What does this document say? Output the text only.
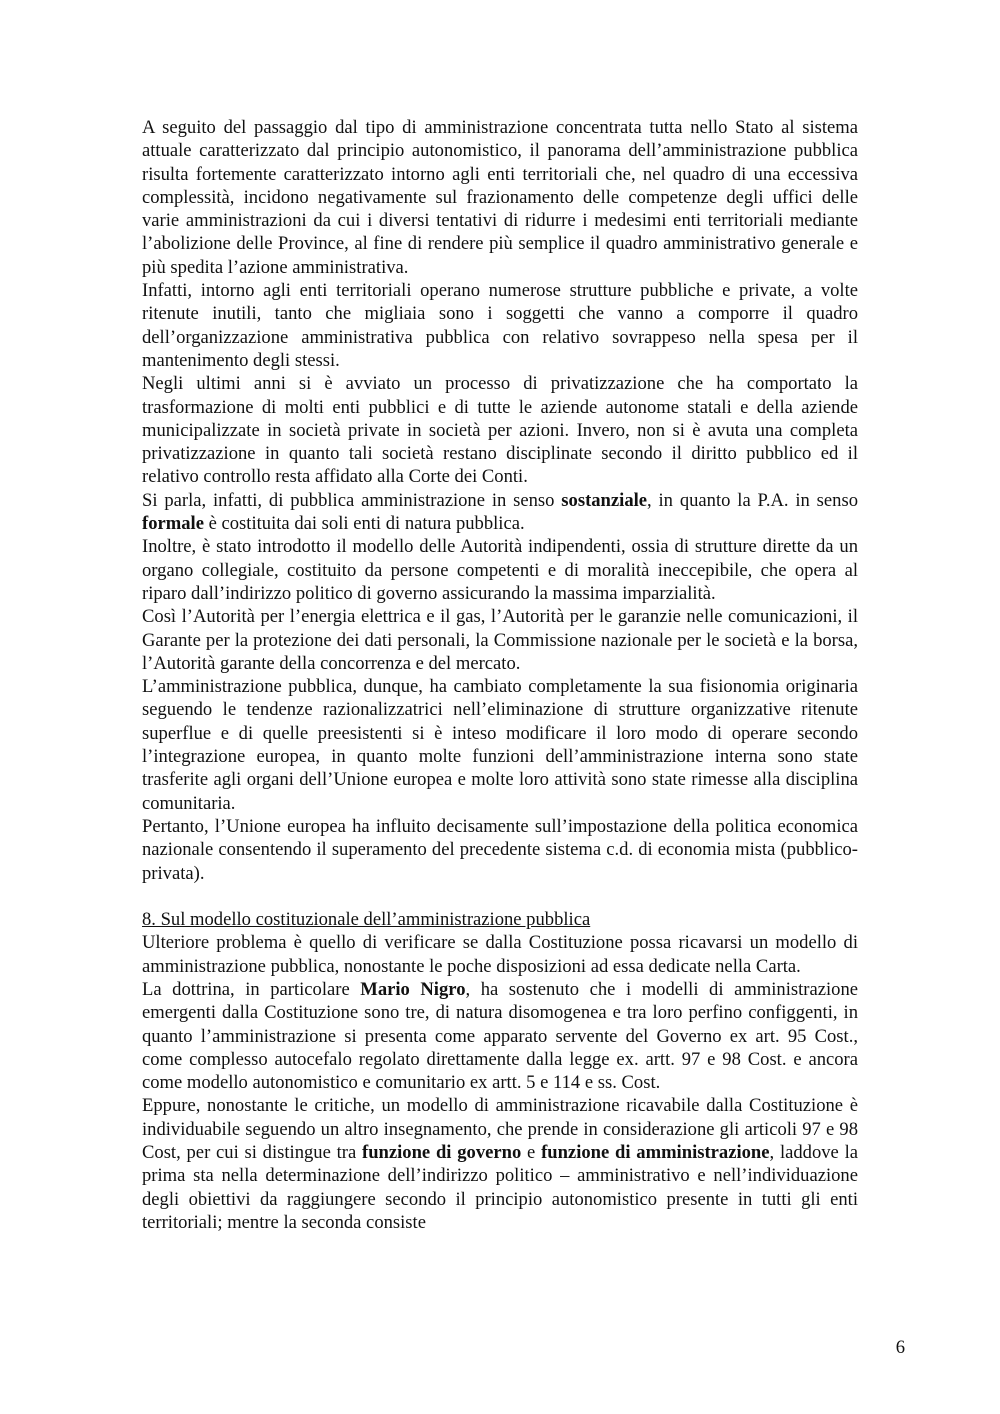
A seguito del passaggio dal tipo di amministrazione concentrata tutta nello Stato al sistema attuale caratterizzato dal principio autonomistico, il panorama dell’amministrazione pubblica risulta fortemente caratterizzato intorno agli enti territoriali che, nel quadro di una eccessiva complessità, incidono negativamente sul frazionamento delle competenze degli uffici delle varie amministrazioni da cui i diversi tentativi di ridurre i medesimi enti territoriali mediante l’abolizione delle Province, al fine di rendere più semplice il quadro amministrativo generale e più spedita l’azione amministrativa.

Infatti, intorno agli enti territoriali operano numerose strutture pubbliche e private, a volte ritenute inutili, tanto che migliaia sono i soggetti che vanno a comporre il quadro dell’organizzazione amministrativa pubblica con relativo sovrappeso nella spesa per il mantenimento degli stessi.

Negli ultimi anni si è avviato un processo di privatizzazione che ha comportato la trasformazione di molti enti pubblici e di tutte le aziende autonome statali e della aziende municipalizzate in società private in società per azioni. Invero, non si è avuta una completa privatizzazione in quanto tali società restano disciplinate secondo il diritto pubblico ed il relativo controllo resta affidato alla Corte dei Conti.

Si parla, infatti, di pubblica amministrazione in senso sostanziale, in quanto la P.A. in senso formale è costituita dai soli enti di natura pubblica.

Inoltre, è stato introdotto il modello delle Autorità indipendenti, ossia di strutture dirette da un organo collegiale, costituito da persone competenti e di moralità ineccepibile, che opera al riparo dall’indirizzo politico di governo assicurando la massima imparzialità.

Così l’Autorità per l’energia elettrica e il gas, l’Autorità per le garanzie nelle comunicazioni, il Garante per la protezione dei dati personali, la Commissione nazionale per le società e la borsa, l’Autorità garante della concorrenza e del mercato.

L’amministrazione pubblica, dunque, ha cambiato completamente la sua fisionomia originaria seguendo le tendenze razionalizzatrici nell’eliminazione di strutture organizzative ritenute superflue e di quelle preesistenti si è inteso modificare il loro modo di operare secondo l’integrazione europea, in quanto molte funzioni dell’amministrazione interna sono state trasferite agli organi dell’Unione europea e molte loro attività sono state rimesse alla disciplina comunitaria.

Pertanto, l’Unione europea ha influito decisamente sull’impostazione della politica economica nazionale consentendo il superamento del precedente sistema c.d. di economia mista (pubblico- privata).

8. Sul modello costituzionale dell’amministrazione pubblica

Ulteriore problema è quello di verificare se dalla Costituzione possa ricavarsi un modello di amministrazione pubblica, nonostante le poche disposizioni ad essa dedicate nella Carta.

La dottrina, in particolare Mario Nigro, ha sostenuto che i modelli di amministrazione emergenti dalla Costituzione sono tre, di natura disomogenea e tra loro perfino configgenti, in quanto l’amministrazione si presenta come apparato servente del Governo ex art. 95 Cost., come complesso autocefalo regolato direttamente dalla legge ex. artt. 97 e 98 Cost. e ancora come modello autonomistico e comunitario ex artt. 5 e 114 e ss. Cost.

Eppure, nonostante le critiche, un modello di amministrazione ricavabile dalla Costituzione è individuabile seguendo un altro insegnamento, che prende in considerazione gli articoli 97 e 98 Cost, per cui si distingue tra funzione di governo e funzione di amministrazione, laddove la prima sta nella determinazione dell’indirizzo politico – amministrativo e nell’individuazione degli obiettivi da raggiungere secondo il principio autonomistico presente in tutti gli enti territoriali; mentre la seconda consiste

6
